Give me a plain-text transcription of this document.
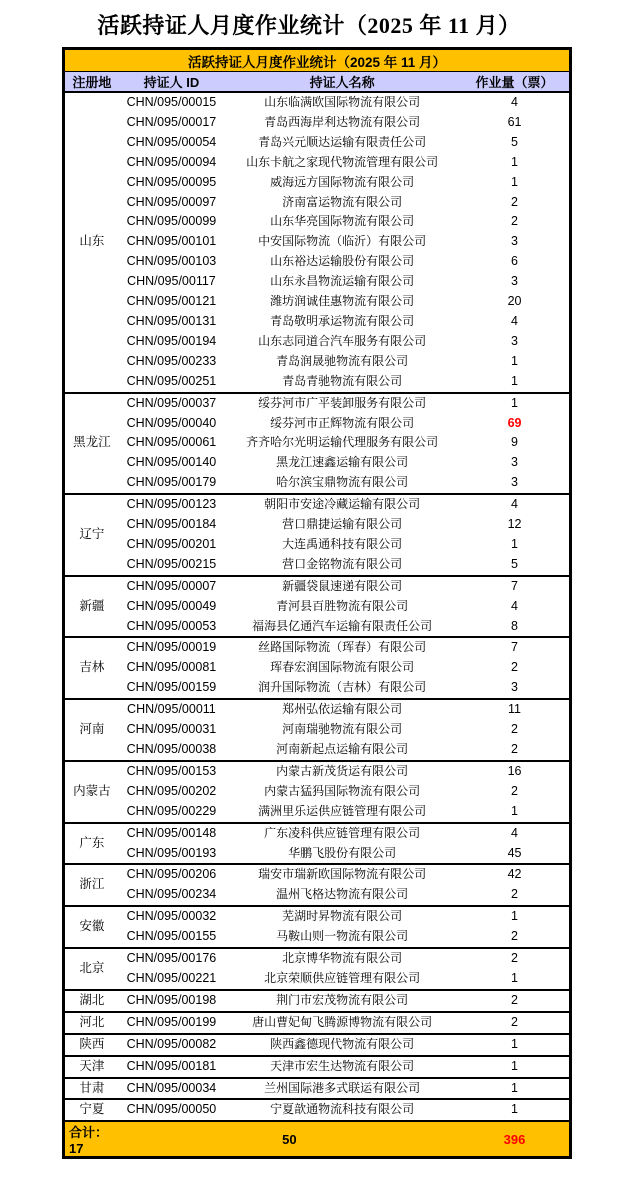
活跃持证人月度作业统计（2025 年 11 月）
活跃持证人月度作业统计（2025 年 11 月）			
注册地	持证人 ID	持证人名称	作业量（票）
山东	CHN/095/00015	山东临满欧国际物流有限公司	4
	CHN/095/00017	青岛西海岸利达物流有限公司	61
	CHN/095/00054	青岛兴元顺达运输有限责任公司	5
	CHN/095/00094	山东卡航之家现代物流管理有限公司	1
	CHN/095/00095	威海远方国际物流有限公司	1
	CHN/095/00097	济南富运物流有限公司	2
	CHN/095/00099	山东华亮国际物流有限公司	2
	CHN/095/00101	中安国际物流（临沂）有限公司	3
	CHN/095/00103	山东裕达运输股份有限公司	6
	CHN/095/00117	山东永昌物流运输有限公司	3
	CHN/095/00121	潍坊润诚佳惠物流有限公司	20
	CHN/095/00131	青岛敬明承运物流有限公司	4
	CHN/095/00194	山东志同道合汽车服务有限公司	3
	CHN/095/00233	青岛润晟驰物流有限公司	1
	CHN/095/00251	青岛青驰物流有限公司	1
黑龙江	CHN/095/00037	绥芬河市广平装卸服务有限公司	1
	CHN/095/00040	绥芬河市正辉物流有限公司	69
	CHN/095/00061	齐齐哈尔光明运输代理服务有限公司	9
	CHN/095/00140	黑龙江速鑫运输有限公司	3
	CHN/095/00179	哈尔滨宝鼎物流有限公司	3
辽宁	CHN/095/00123	朝阳市安途冷藏运输有限公司	4
	CHN/095/00184	营口鼎捷运输有限公司	12
	CHN/095/00201	大连禹通科技有限公司	1
	CHN/095/00215	营口金铭物流有限公司	5
新疆	CHN/095/00007	新疆袋鼠速递有限公司	7
	CHN/095/00049	青河县百胜物流有限公司	4
	CHN/095/00053	福海县亿通汽车运输有限责任公司	8
吉林	CHN/095/00019	丝路国际物流（珲春）有限公司	7
	CHN/095/00081	珲春宏润国际物流有限公司	2
	CHN/095/00159	润升国际物流（吉林）有限公司	3
河南	CHN/095/00011	郑州弘依运输有限公司	11
	CHN/095/00031	河南瑞驰物流有限公司	2
	CHN/095/00038	河南新起点运输有限公司	2
内蒙古	CHN/095/00153	内蒙古新茂货运有限公司	16
	CHN/095/00202	内蒙古猛犸国际物流有限公司	2
	CHN/095/00229	满洲里乐运供应链管理有限公司	1
广东	CHN/095/00148	广东凌科供应链管理有限公司	4
	CHN/095/00193	华鹏飞股份有限公司	45
浙江	CHN/095/00206	瑞安市瑞新欧国际物流有限公司	42
	CHN/095/00234	温州飞格达物流有限公司	2
安徽	CHN/095/00032	芜湖时昇物流有限公司	1
	CHN/095/00155	马鞍山则一物流有限公司	2
北京	CHN/095/00176	北京博华物流有限公司	2
	CHN/095/00221	北京荣顺供应链管理有限公司	1
湖北	CHN/095/00198	荆门市宏茂物流有限公司	2
河北	CHN/095/00199	唐山曹妃甸飞腾源博物流有限公司	2
陕西	CHN/095/00082	陕西鑫德现代物流有限公司	1
天津	CHN/095/00181	天津市宏生达物流有限公司	1
甘肃	CHN/095/00034	兰州国际港多式联运有限公司	1
宁夏	CHN/095/00050	宁夏歆通物流科技有限公司	1
合计：17	50		396
